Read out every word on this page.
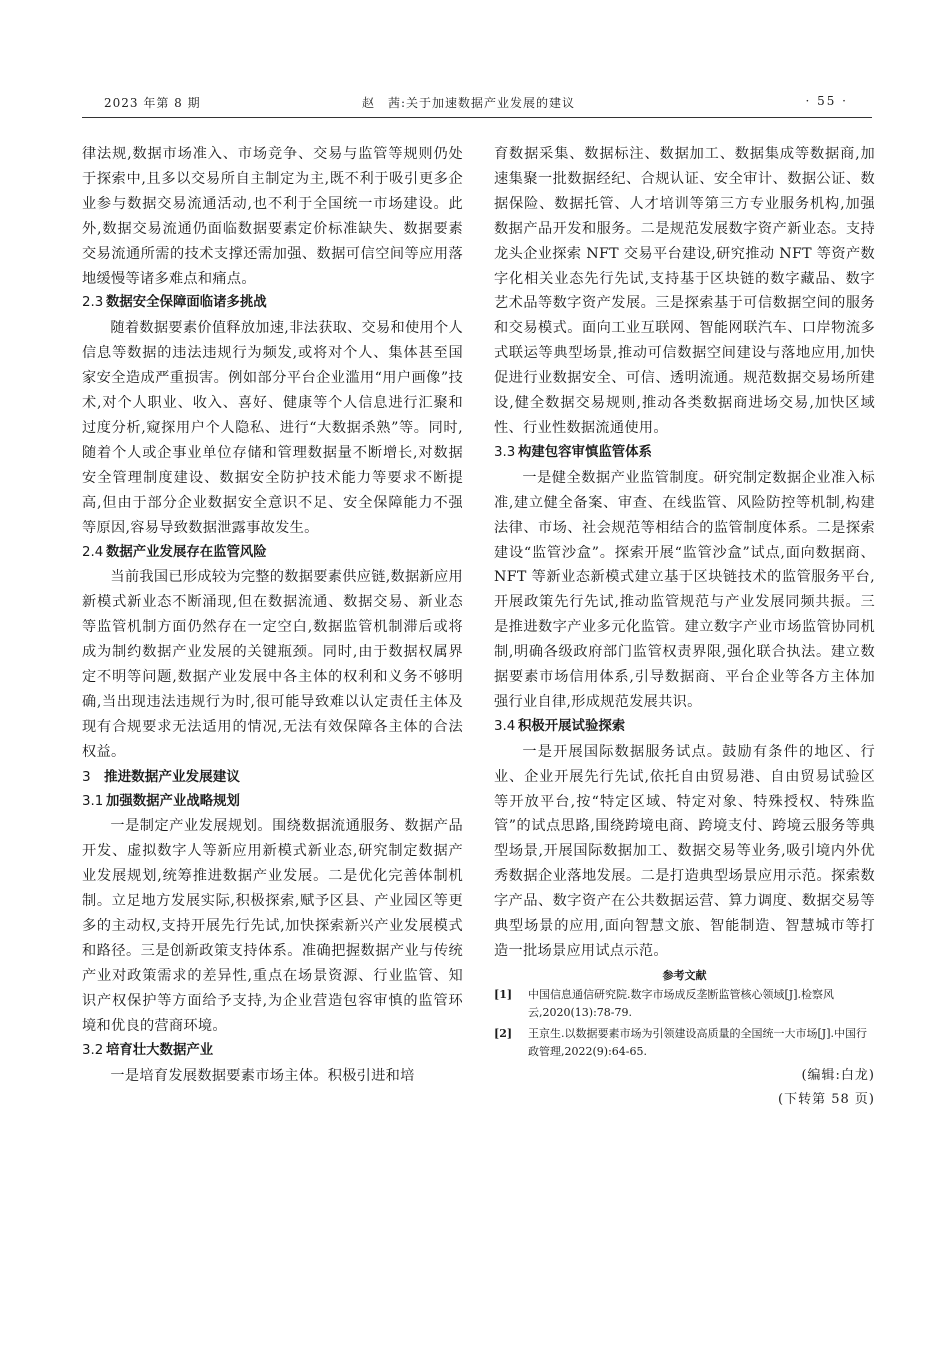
2023 年第 8 期	赵　茜:关于加速数据产业发展的建议	· 55 ·

律法规,数据市场准入、市场竞争、交易与监管等规则仍处于探索中,且多以交易所自主制定为主,既不利于吸引更多企业参与数据交易流通活动,也不利于全国统一市场建设。此外,数据交易流通仍面临数据要素定价标准缺失、数据要素交易流通所需的技术支撑还需加强、数据可信空间等应用落地缓慢等诸多难点和痛点。

2.3 数据安全保障面临诸多挑战

随着数据要素价值释放加速,非法获取、交易和使用个人信息等数据的违法违规行为频发,或将对个人、集体甚至国家安全造成严重损害。例如部分平台企业滥用“用户画像”技术,对个人职业、收入、喜好、健康等个人信息进行汇聚和过度分析,窥探用户个人隐私、进行“大数据杀熟”等。同时,随着个人或企事业单位存储和管理数据量不断增长,对数据安全管理制度建设、数据安全防护技术能力等要求不断提高,但由于部分企业数据安全意识不足、安全保障能力不强等原因,容易导致数据泄露事故发生。

2.4 数据产业发展存在监管风险

当前我国已形成较为完整的数据要素供应链,数据新应用新模式新业态不断涌现,但在数据流通、数据交易、新业态等监管机制方面仍然存在一定空白,数据监管机制滞后或将成为制约数据产业发展的关键瓶颈。同时,由于数据权属界定不明等问题,数据产业发展中各主体的权利和义务不够明确,当出现违法违规行为时,很可能导致难以认定责任主体及现有合规要求无法适用的情况,无法有效保障各主体的合法权益。

3 推进数据产业发展建议
3.1 加强数据产业战略规划

一是制定产业发展规划。围绕数据流通服务、数据产品开发、虚拟数字人等新应用新模式新业态,研究制定数据产业发展规划,统筹推进数据产业发展。二是优化完善体制机制。立足地方发展实际,积极探索,赋予区县、产业园区等更多的主动权,支持开展先行先试,加快探索新兴产业发展模式和路径。三是创新政策支持体系。准确把握数据产业与传统产业对政策需求的差异性,重点在场景资源、行业监管、知识产权保护等方面给予支持,为企业营造包容审慎的监管环境和优良的营商环境。

3.2 培育壮大数据产业

一是培育发展数据要素市场主体。积极引进和培

育数据采集、数据标注、数据加工、数据集成等数据商,加速集聚一批数据经纪、合规认证、安全审计、数据公证、数据保险、数据托管、人才培训等第三方专业服务机构,加强数据产品开发和服务。二是规范发展数字资产新业态。支持龙头企业探索 NFT 交易平台建设,研究推动 NFT 等资产数字化相关业态先行先试,支持基于区块链的数字藏品、数字艺术品等数字资产发展。三是探索基于可信数据空间的服务和交易模式。面向工业互联网、智能网联汽车、口岸物流多式联运等典型场景,推动可信数据空间建设与落地应用,加快促进行业数据安全、可信、透明流通。规范数据交易场所建设,健全数据交易规则,推动各类数据商进场交易,加快区域性、行业性数据流通使用。

3.3 构建包容审慎监管体系

一是健全数据产业监管制度。研究制定数据企业准入标准,建立健全备案、审查、在线监管、风险防控等机制,构建法律、市场、社会规范等相结合的监管制度体系。二是探索建设“监管沙盒”。探索开展“监管沙盒”试点,面向数据商、NFT 等新业态新模式建立基于区块链技术的监管服务平台,开展政策先行先试,推动监管规范与产业发展同频共振。三是推进数字产业多元化监管。建立数字产业市场监管协同机制,明确各级政府部门监管权责界限,强化联合执法。建立数据要素市场信用体系,引导数据商、平台企业等各方主体加强行业自律,形成规范发展共识。

3.4 积极开展试验探索

一是开展国际数据服务试点。鼓励有条件的地区、行业、企业开展先行先试,依托自由贸易港、自由贸易试验区等开放平台,按“特定区域、特定对象、特殊授权、特殊监管”的试点思路,围绕跨境电商、跨境支付、跨境云服务等典型场景,开展国际数据加工、数据交易等业务,吸引境内外优秀数据企业落地发展。二是打造典型场景应用示范。探索数字产品、数字资产在公共数据运营、算力调度、数据交易等典型场景的应用,面向智慧文旅、智能制造、智慧城市等打造一批场景应用试点示范。

参考文献
[1] 中国信息通信研究院.数字市场成反垄断监管核心领域[J].检察风云,2020(13):78-79.
[2] 王京生.以数据要素市场为引领建设高质量的全国统一大市场[J].中国行政管理,2022(9):64-65.
(编辑:白龙)
(下转第 58 页)
